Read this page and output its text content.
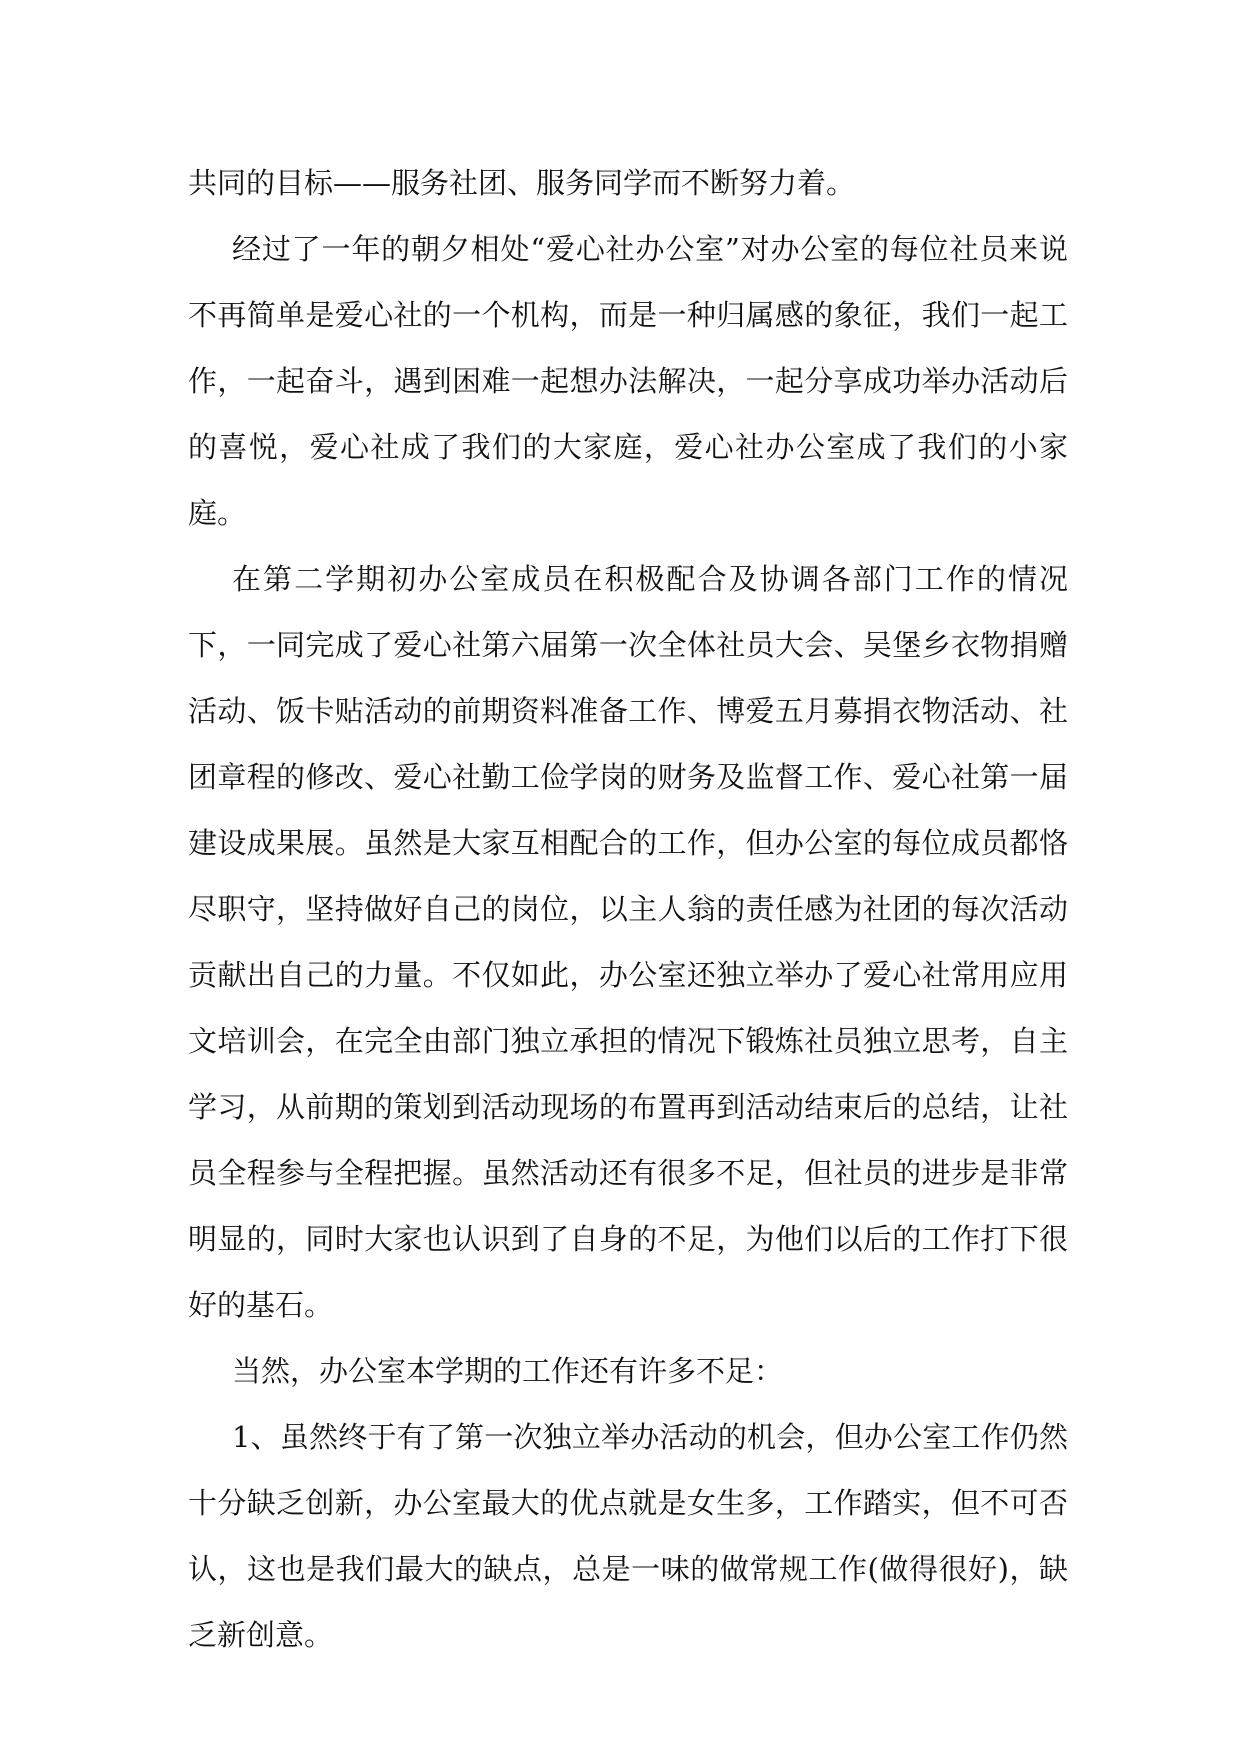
共同的目标——服务社团、服务同学而不断努力着。

经过了一年的朝夕相处“爱心社办公室”对办公室的每位社员来说不再简单是爱心社的一个机构，而是一种归属感的象征，我们一起工作，一起奋斗，遇到困难一起想办法解决，一起分享成功举办活动后的喜悦，爱心社成了我们的大家庭，爱心社办公室成了我们的小家庭。

在第二学期初办公室成员在积极配合及协调各部门工作的情况下，一同完成了爱心社第六届第一次全体社员大会、吴堡乡衣物捐赠活动、饭卡贴活动的前期资料准备工作、博爱五月募捐衣物活动、社团章程的修改、爱心社勤工俭学岗的财务及监督工作、爱心社第一届建设成果展。虽然是大家互相配合的工作，但办公室的每位成员都恪尽职守，坚持做好自己的岗位，以主人翁的责任感为社团的每次活动贡献出自己的力量。不仅如此，办公室还独立举办了爱心社常用应用文培训会，在完全由部门独立承担的情况下锻炼社员独立思考，自主学习，从前期的策划到活动现场的布置再到活动结束后的总结，让社员全程参与全程把握。虽然活动还有很多不足，但社员的进步是非常明显的，同时大家也认识到了自身的不足，为他们以后的工作打下很好的基石。

当然，办公室本学期的工作还有许多不足：

1、虽然终于有了第一次独立举办活动的机会，但办公室工作仍然十分缺乏创新，办公室最大的优点就是女生多，工作踏实，但不可否认，这也是我们最大的缺点，总是一味的做常规工作(做得很好)，缺乏新创意。
